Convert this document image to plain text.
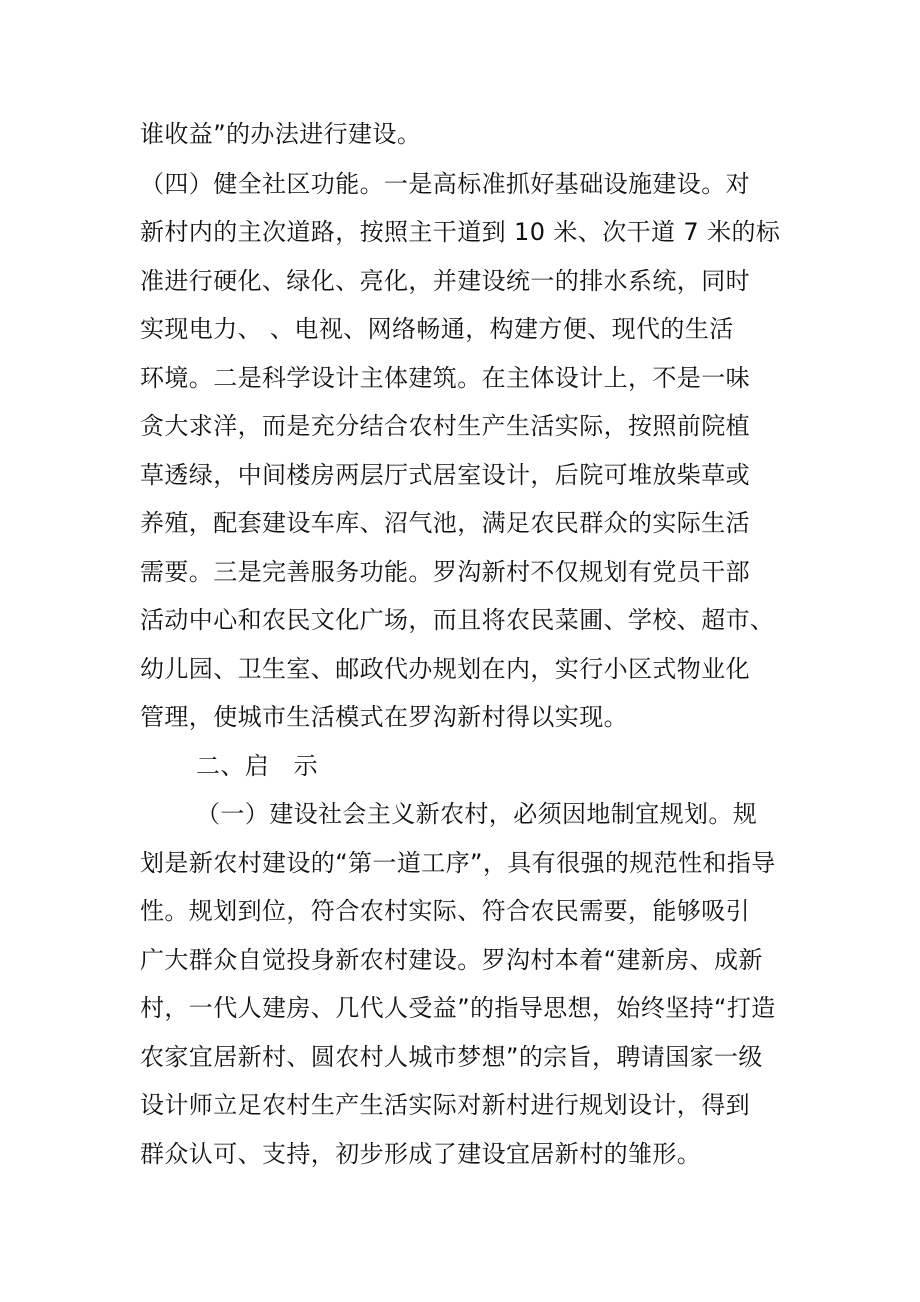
谁收益”的办法进行建设。
（四）健全社区功能。一是高标准抓好基础设施建设。对
新村内的主次道路，按照主干道到 10 米、次干道 7 米的标
准进行硬化、绿化、亮化，并建设统一的排水系统，同时
实现电力、 、电视、网络畅通，构建方便、现代的生活
环境。二是科学设计主体建筑。在主体设计上，不是一味
贪大求洋，而是充分结合农村生产生活实际，按照前院植
草透绿，中间楼房两层厅式居室设计，后院可堆放柴草或
养殖，配套建设车库、沼气池，满足农民群众的实际生活
需要。三是完善服务功能。罗沟新村不仅规划有党员干部
活动中心和农民文化广场，而且将农民菜圃、学校、超市、
幼儿园、卫生室、邮政代办规划在内，实行小区式物业化
管理，使城市生活模式在罗沟新村得以实现。
二、启　示
（一）建设社会主义新农村，必须因地制宜规划。规
划是新农村建设的“第一道工序”，具有很强的规范性和指导
性。规划到位，符合农村实际、符合农民需要，能够吸引
广大群众自觉投身新农村建设。罗沟村本着“建新房、成新
村，一代人建房、几代人受益”的指导思想，始终坚持“打造
农家宜居新村、圆农村人城市梦想”的宗旨，聘请国家一级
设计师立足农村生产生活实际对新村进行规划设计，得到
群众认可、支持，初步形成了建设宜居新村的雏形。
